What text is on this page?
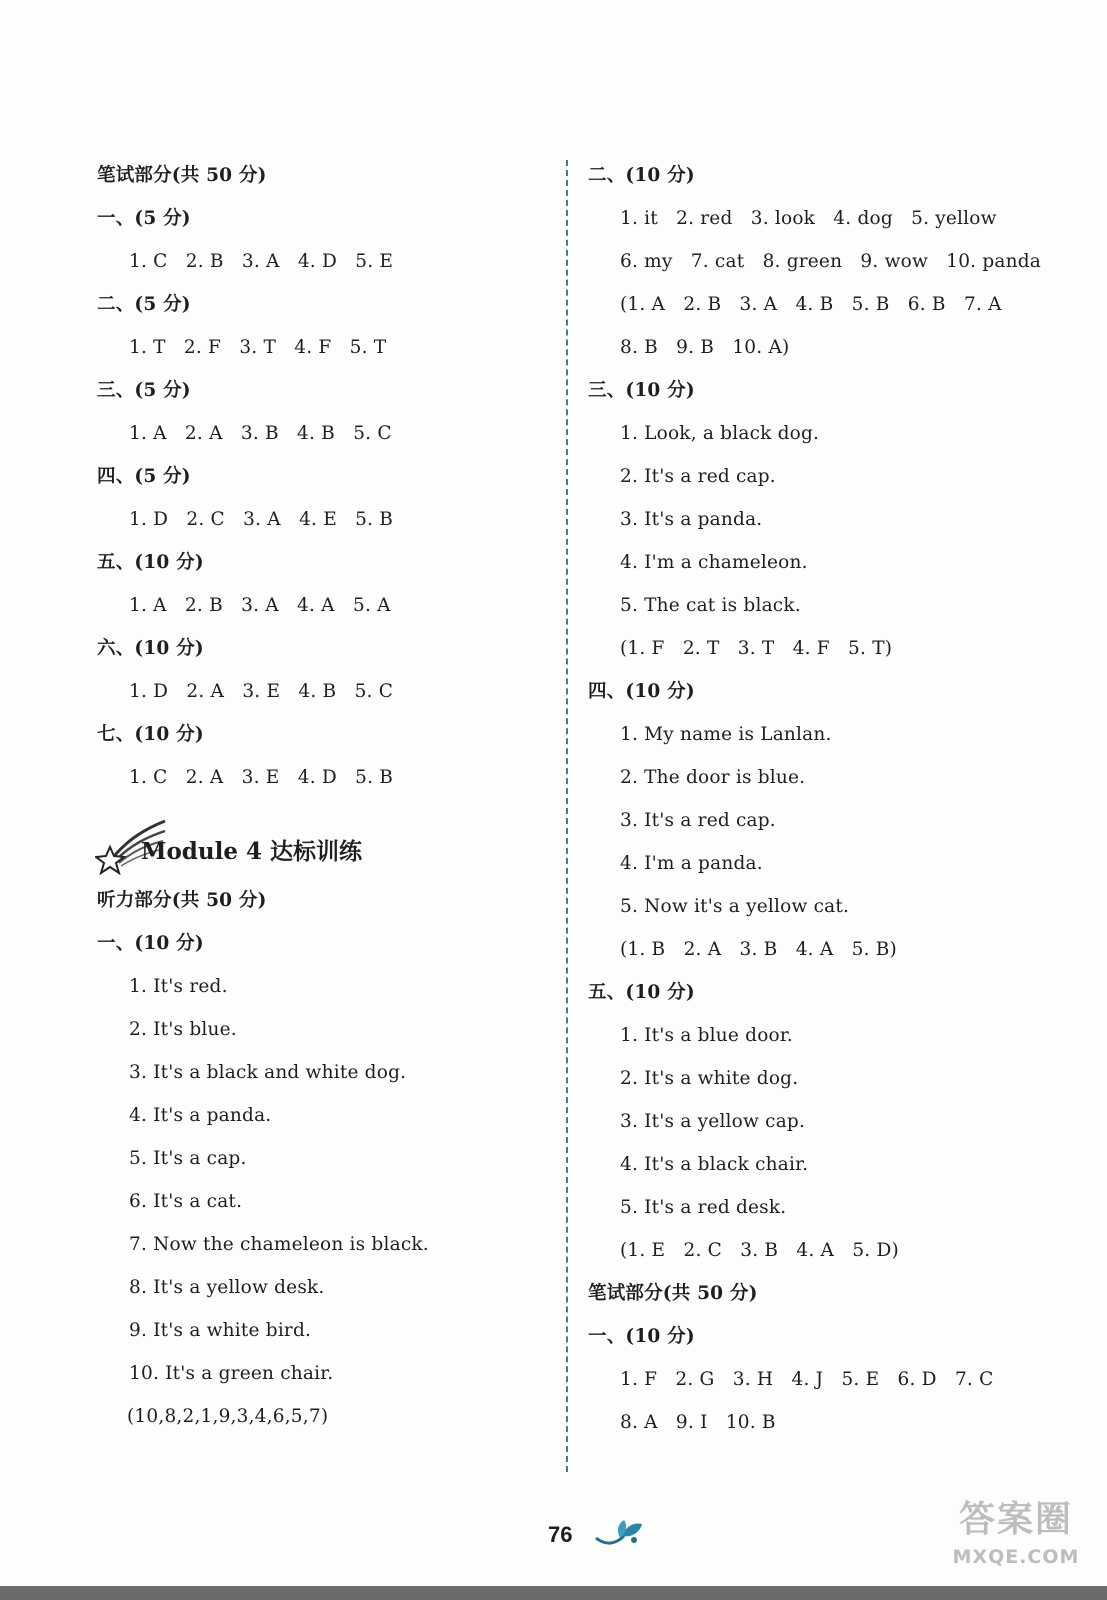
笔试部分(共 50 分)
一、(5 分)
1. C   2. B   3. A   4. D   5. E
二、(5 分)
1. T   2. F   3. T   4. F   5. T
三、(5 分)
1. A   2. A   3. B   4. B   5. C
四、(5 分)
1. D   2. C   3. A   4. E   5. B
五、(10 分)
1. A   2. B   3. A   4. A   5. A
六、(10 分)
1. D   2. A   3. E   4. B   5. C
七、(10 分)
1. C   2. A   3. E   4. D   5. B
Module 4 达标训练
听力部分(共 50 分)
一、(10 分)
1. It's red.
2. It's blue.
3. It's a black and white dog.
4. It's a panda.
5. It's a cap.
6. It's a cat.
7. Now the chameleon is black.
8. It's a yellow desk.
9. It's a white bird.
10. It's a green chair.
(10,8,2,1,9,3,4,6,5,7)
二、(10 分)
1. it   2. red   3. look   4. dog   5. yellow
6. my   7. cat   8. green   9. wow   10. panda
(1. A   2. B   3. A   4. B   5. B   6. B   7. A
8. B   9. B   10. A)
三、(10 分)
1. Look, a black dog.
2. It's a red cap.
3. It's a panda.
4. I'm a chameleon.
5. The cat is black.
(1. F   2. T   3. T   4. F   5. T)
四、(10 分)
1. My name is Lanlan.
2. The door is blue.
3. It's a red cap.
4. I'm a panda.
5. Now it's a yellow cat.
(1. B   2. A   3. B   4. A   5. B)
五、(10 分)
1. It's a blue door.
2. It's a white dog.
3. It's a yellow cap.
4. It's a black chair.
5. It's a red desk.
(1. E   2. C   3. B   4. A   5. D)
笔试部分(共 50 分)
一、(10 分)
1. F   2. G   3. H   4. J   5. E   6. D   7. C
8. A   9. I   10. B
76	答案圈
MXQE.COM
